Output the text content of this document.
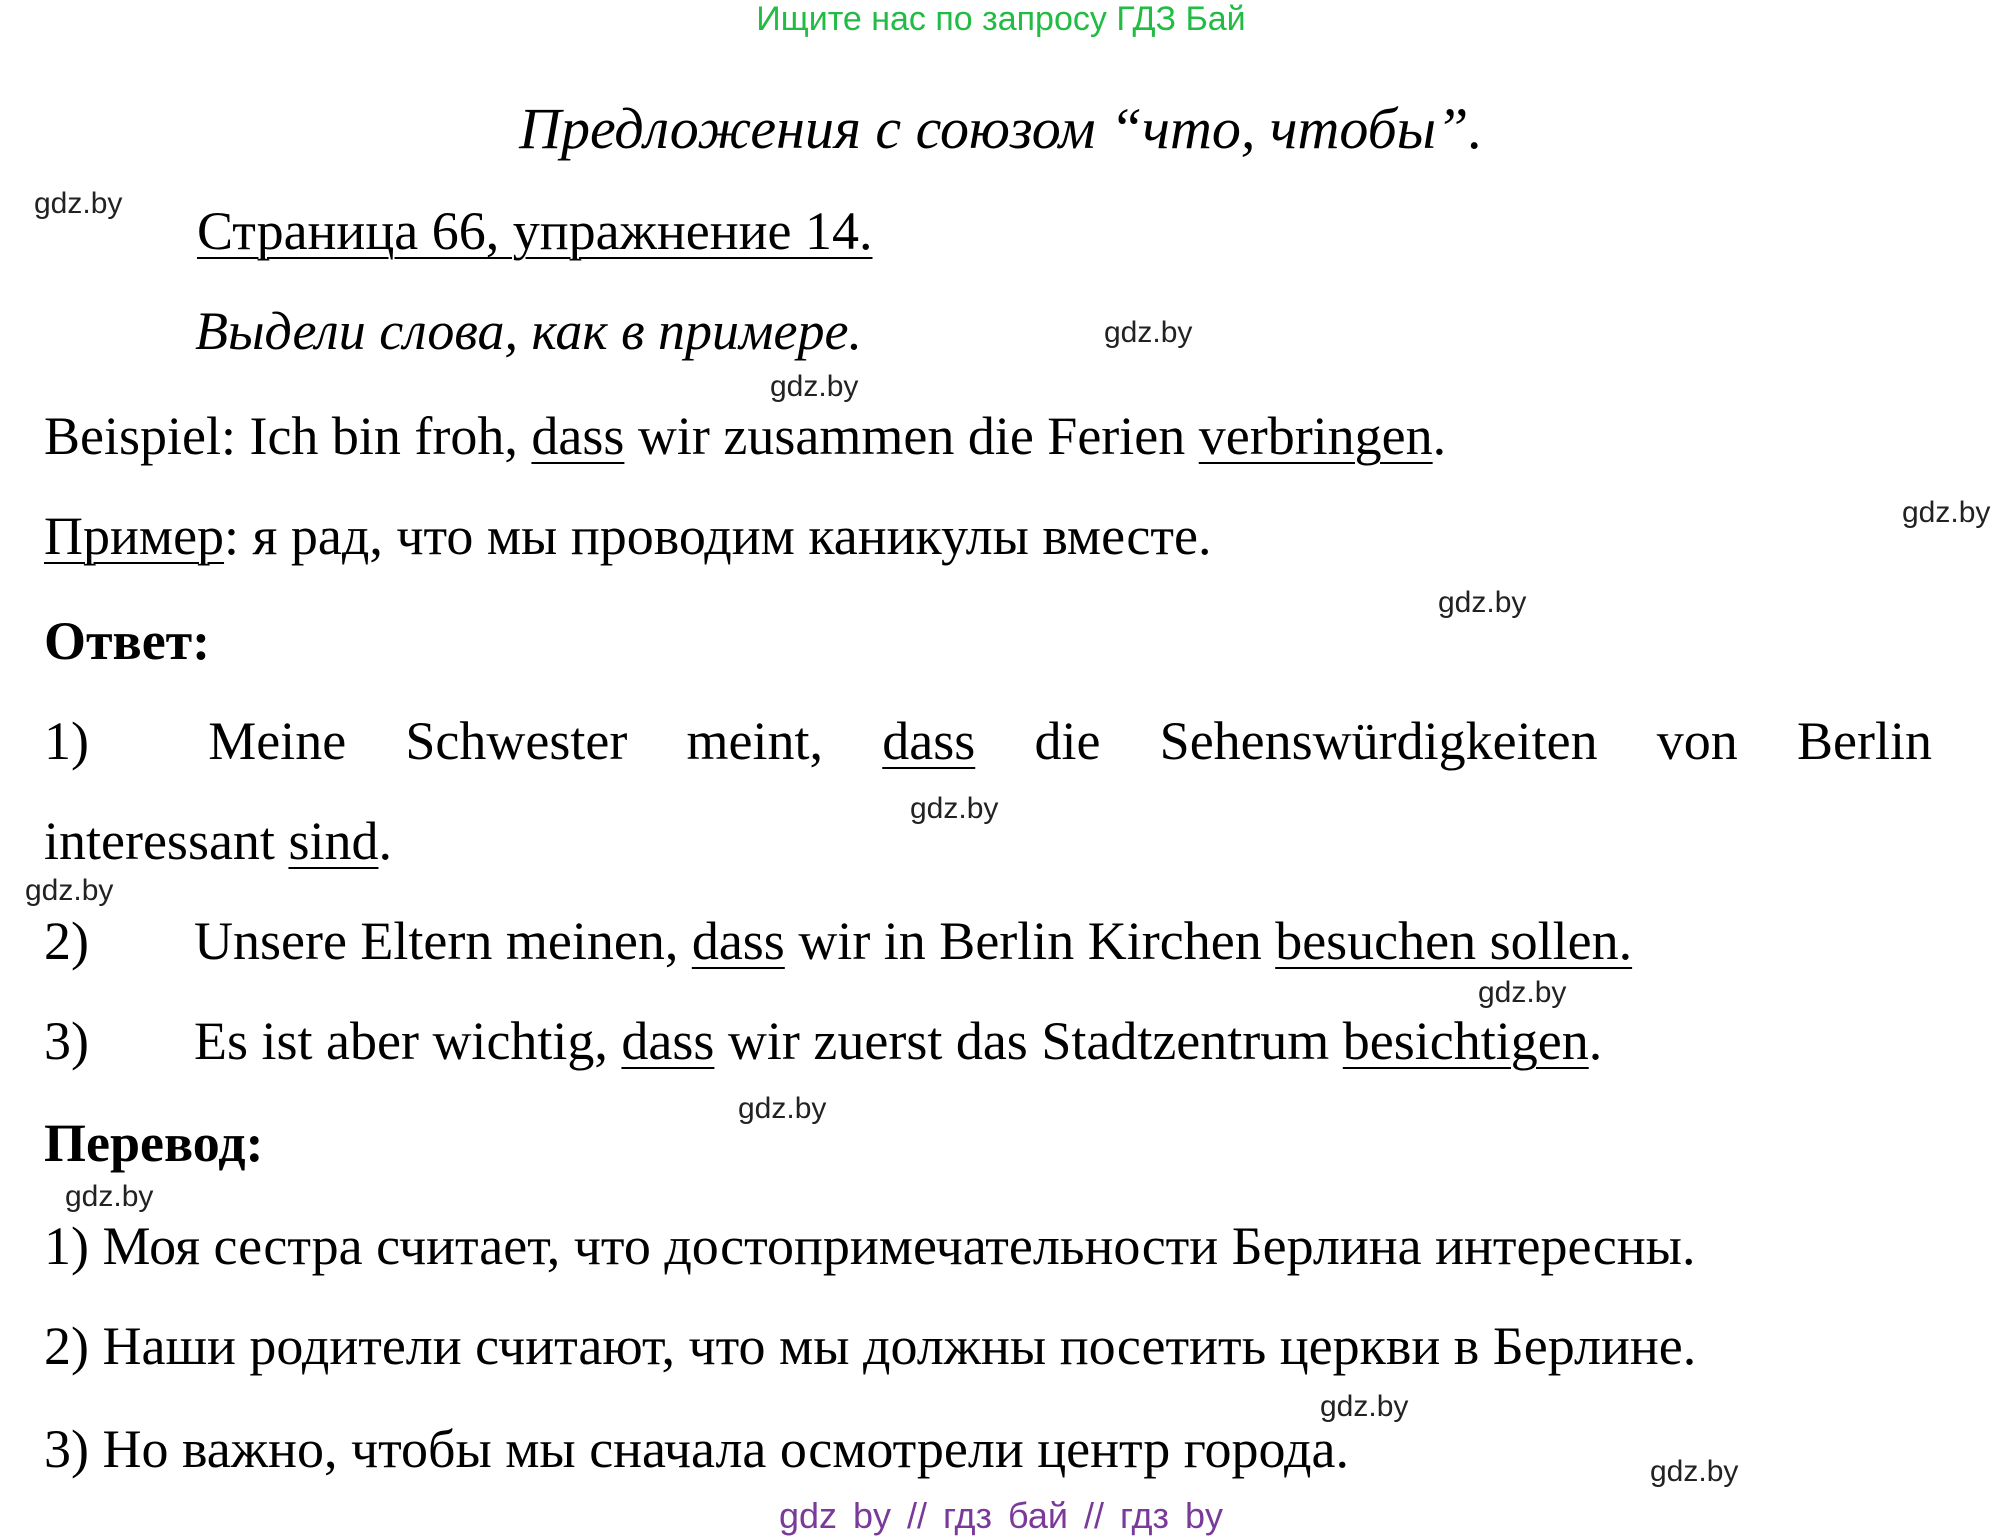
Ищите нас по запросу ГДЗ Бай
Предложения с союзом “что, чтобы”.
Страница 66, упражнение 14.
Выдели слова, как в примере.
Beispiel: Ich bin froh, dass wir zusammen die Ferien verbringen.
Пример: я рад, что мы проводим каникулы вместе.
Ответ:
1) Meine Schwester meint, dass die Sehenswürdigkeiten von Berlin
interessant sind.
2) Unsere Eltern meinen, dass wir in Berlin Kirchen besuchen sollen.
3) Es ist aber wichtig, dass wir zuerst das Stadtzentrum besichtigen.
Перевод:
1) Моя сестра считает, что достопримечательности Берлина интересны.
2) Наши родители считают, что мы должны посетить церкви в Берлине.
3) Но важно, чтобы мы сначала осмотрели центр города.
gdz.by
gdz.by
gdz.by
gdz.by
gdz.by
gdz.by
gdz.by
gdz.by
gdz.by
gdz.by
gdz.by
gdz.by
gdz by // гдз бай // гдз by
